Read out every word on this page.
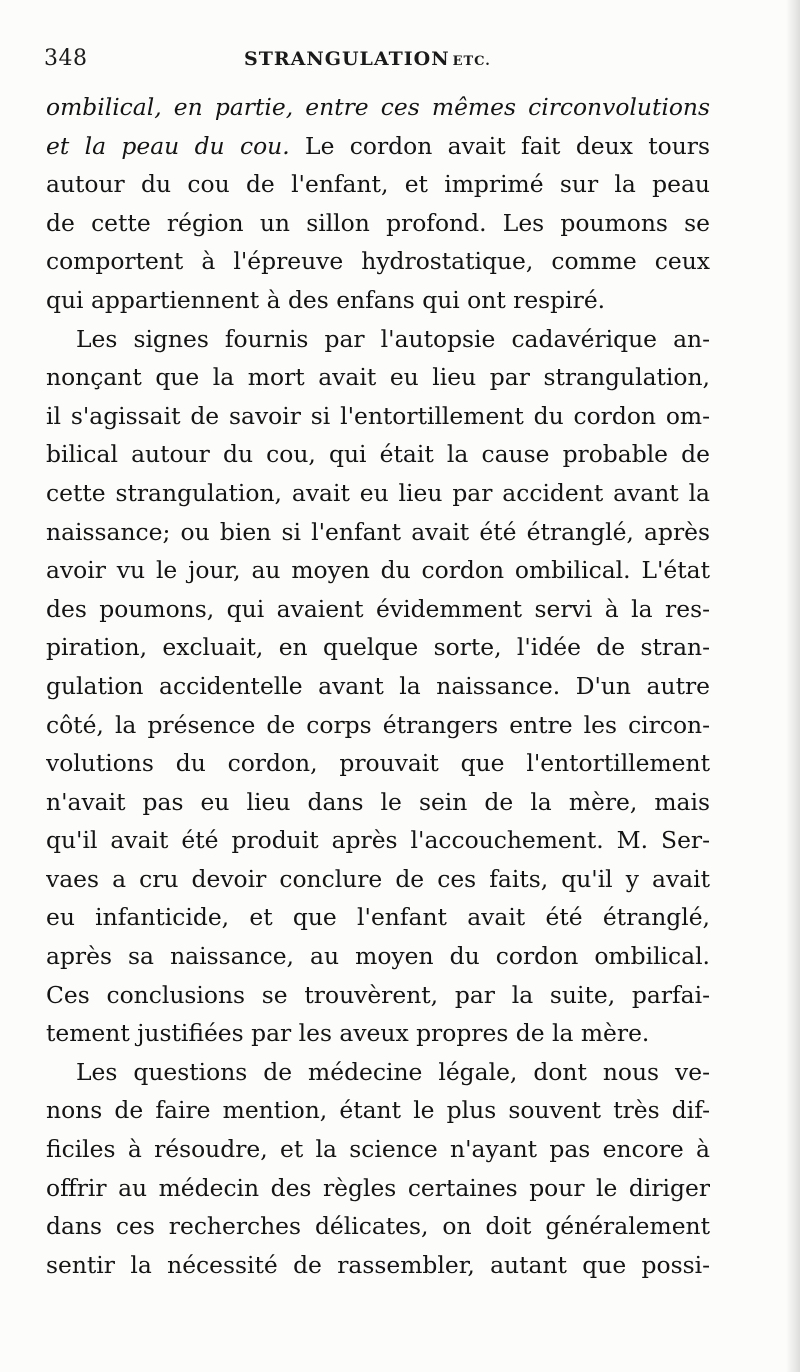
348	STRANGULATION ETC.
ombilical, en partie, entre ces mêmes circonvolutions
et la peau du cou. Le cordon avait fait deux tours
autour du cou de l'enfant, et imprimé sur la peau
de cette région un sillon profond. Les poumons se
comportent à l'épreuve hydrostatique, comme ceux
qui appartiennent à des enfans qui ont respiré.
Les signes fournis par l'autopsie cadavérique an-
nonçant que la mort avait eu lieu par strangulation,
il s'agissait de savoir si l'entortillement du cordon om-
bilical autour du cou, qui était la cause probable de
cette strangulation, avait eu lieu par accident avant la
naissance; ou bien si l'enfant avait été étranglé, après
avoir vu le jour, au moyen du cordon ombilical. L'état
des poumons, qui avaient évidemment servi à la res-
piration, excluait, en quelque sorte, l'idée de stran-
gulation accidentelle avant la naissance. D'un autre
côté, la présence de corps étrangers entre les circon-
volutions du cordon, prouvait que l'entortillement
n'avait pas eu lieu dans le sein de la mère, mais
qu'il avait été produit après l'accouchement. M. Ser-
vaes a cru devoir conclure de ces faits, qu'il y avait
eu infanticide, et que l'enfant avait été étranglé,
après sa naissance, au moyen du cordon ombilical.
Ces conclusions se trouvèrent, par la suite, parfai-
tement justifiées par les aveux propres de la mère.
Les questions de médecine légale, dont nous ve-
nons de faire mention, étant le plus souvent très dif-
ficiles à résoudre, et la science n'ayant pas encore à
offrir au médecin des règles certaines pour le diriger
dans ces recherches délicates, on doit généralement
sentir la nécessité de rassembler, autant que possi-
